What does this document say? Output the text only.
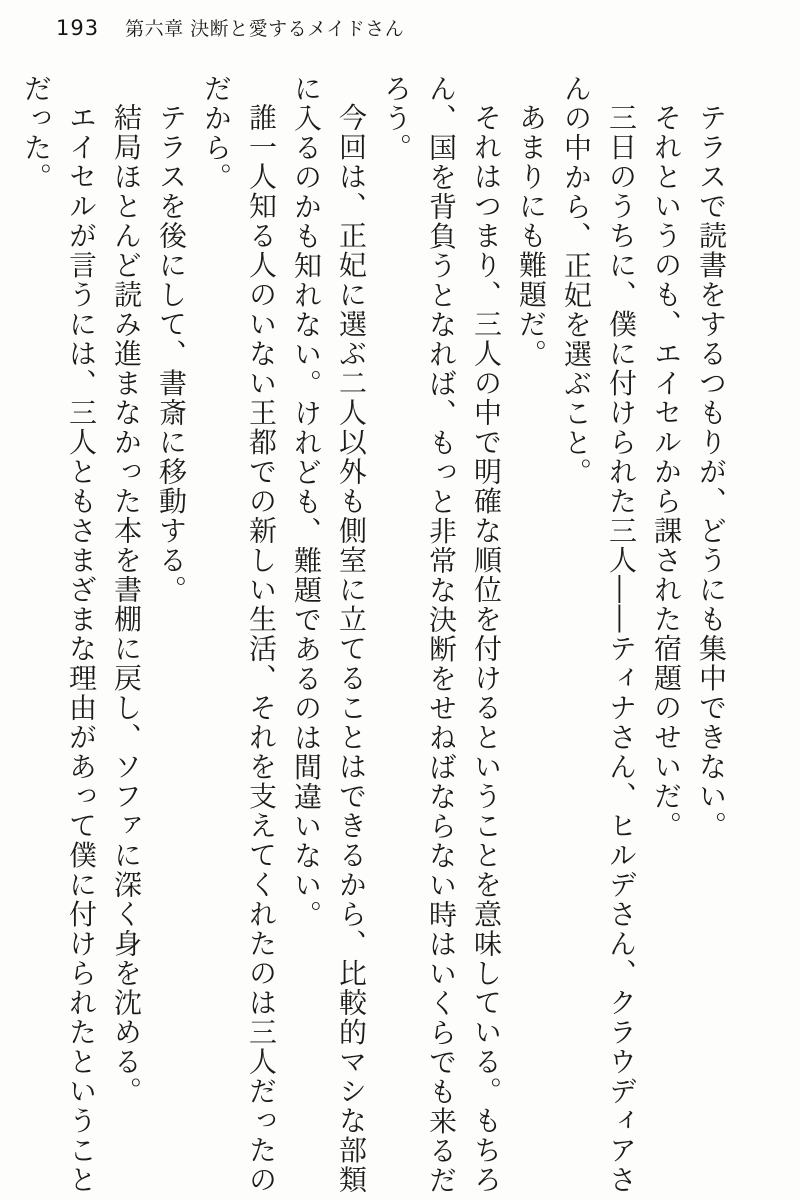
193 第六章 決断と愛するメイドさん

テラスで読書をするつもりが、どうにも集中できない。

それというのも、エイセルから課された宿題のせいだ。

三日のうちに、僕に付けられた三人――ティナさん、ヒルデさん、クラウディアさんの中から、正妃を選ぶこと。

あまりにも難題だ。

それはつまり、三人の中で明確な順位を付けるということを意味している。もちろん、国を背負うとなれば、もっと非常な決断をせねばならない時はいくらでも来るだろう。

今回は、正妃に選ぶ二人以外も側室に立てることはできるから、比較的マシな部類に入るのかも知れない。けれども、難題であるのは間違いない。

誰一人知る人のいない王都での新しい生活、それを支えてくれたのは三人だったのだから。

テラスを後にして、書斎に移動する。

結局ほとんど読み進まなかった本を書棚に戻し、ソファに深く身を沈める。

エイセルが言うには、三人ともさまざまな理由があって僕に付けられたということだった。
